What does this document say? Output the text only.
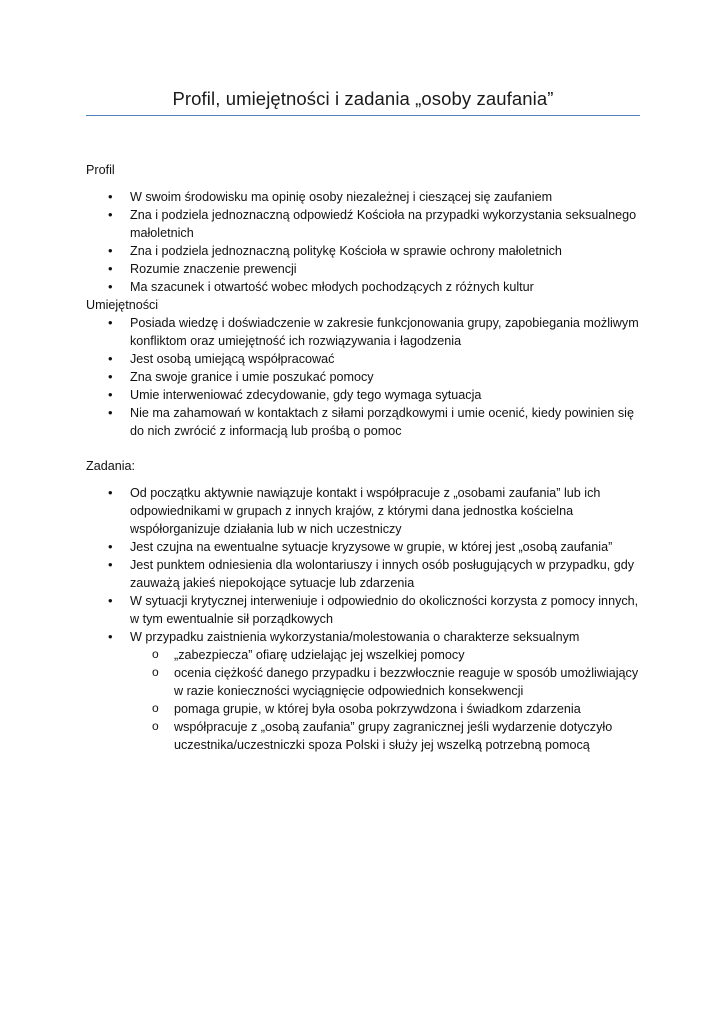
Profil, umiejętności i zadania „osoby zaufania”

Profil

• W swoim środowisku ma opinię osoby niezależnej i cieszącej się zaufaniem
• Zna i podziela jednoznaczną odpowiedź Kościoła na przypadki wykorzystania seksualnego małoletnich
• Zna i podziela jednoznaczną politykę Kościoła w sprawie ochrony małoletnich
• Rozumie znaczenie prewencji
• Ma szacunek i otwartość wobec młodych pochodzących z różnych kultur

Umiejętności

• Posiada wiedzę i doświadczenie w zakresie funkcjonowania grupy, zapobiegania możliwym konfliktom oraz umiejętność ich rozwiązywania i łagodzenia
• Jest osobą umiejącą współpracować
• Zna swoje granice i umie poszukać pomocy
• Umie interweniować zdecydowanie, gdy tego wymaga sytuacja
• Nie ma zahamowań w kontaktach z siłami porządkowymi i umie ocenić, kiedy powinien się do nich zwrócić z informacją lub prośbą o pomoc

Zadania:

• Od początku aktywnie nawiązuje kontakt i współpracuje z „osobami zaufania” lub ich odpowiednikami w grupach z innych krajów, z którymi dana jednostka kościelna współorganizuje działania lub w nich uczestniczy
• Jest czujna na ewentualne sytuacje kryzysowe w grupie, w której jest „osobą zaufania”
• Jest punktem odniesienia dla wolontariuszy i innych osób posługujących w przypadku, gdy zauważą jakieś niepokojące sytuacje lub zdarzenia
• W sytuacji krytycznej interweniuje i odpowiednio do okoliczności korzysta z pomocy innych, w tym ewentualnie sił porządkowych
• W przypadku zaistnienia wykorzystania/molestowania o charakterze seksualnym
o „zabezpiecza” ofiarę udzielając jej wszelkiej pomocy
o ocenia ciężkość danego przypadku i bezzwłocznie reaguje w sposób umożliwiający w razie konieczności wyciągnięcie odpowiednich konsekwencji
o pomaga grupie, w której była osoba pokrzywdzona i świadkom zdarzenia
o współpracuje z „osobą zaufania” grupy zagranicznej jeśli wydarzenie dotyczyło uczestnika/uczestniczki spoza Polski i służy jej wszelką potrzebną pomocą
